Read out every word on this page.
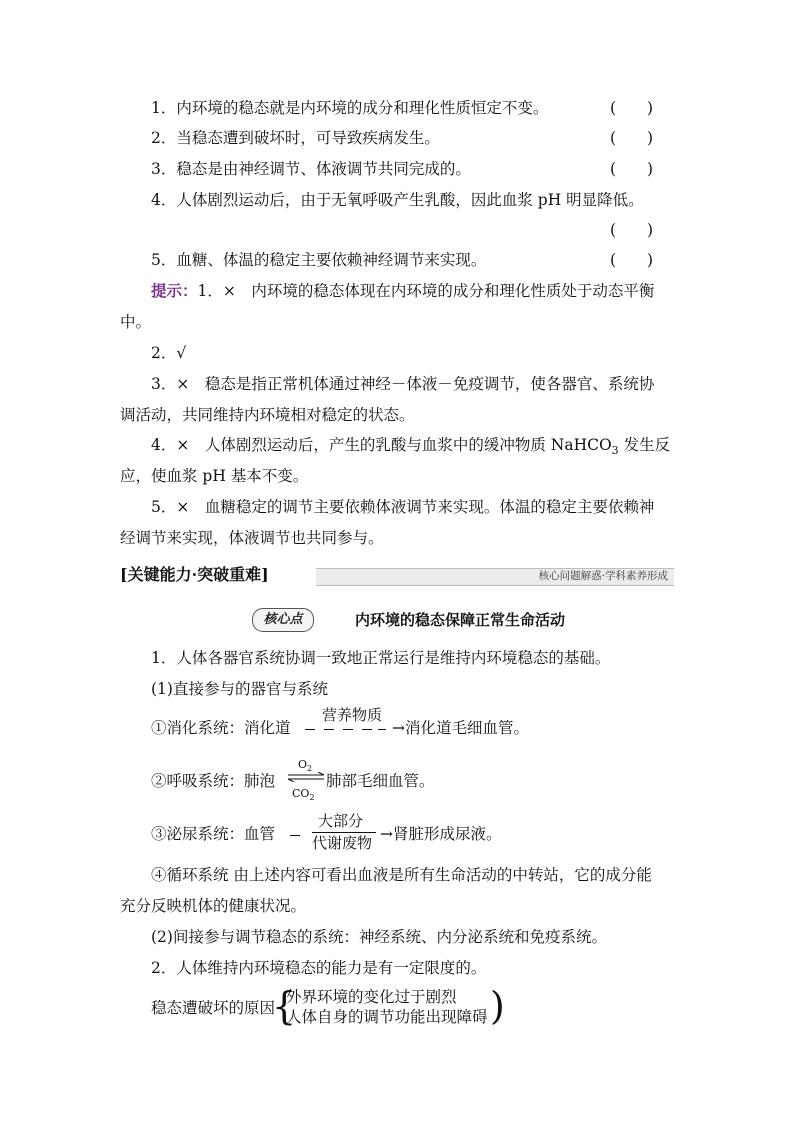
1．内环境的稳态就是内环境的成分和理化性质恒定不变。	(　　)
2．当稳态遭到破坏时，可导致疾病发生。	(　　)
3．稳态是由神经调节、体液调节共同完成的。	(　　)
4．人体剧烈运动后，由于无氧呼吸产生乳酸，因此血浆 pH 明显降低。
(　　)
5．血糖、体温的稳定主要依赖神经调节来实现。	(　　)
提示：1．×　内环境的稳态体现在内环境的成分和理化性质处于动态平衡
中。
2．√
3．×　稳态是指正常机体通过神经－体液－免疫调节，使各器官、系统协
调活动，共同维持内环境相对稳定的状态。
4．×　人体剧烈运动后，产生的乳酸与血浆中的缓冲物质 NaHCO$_3$ 发生反
应，使血浆 pH 基本不变。
5．×　血糖稳定的调节主要依赖体液调节来实现。体温的稳定主要依赖神
经调节来实现，体液调节也共同参与。
[关键能力·突破重难]	核心问题解惑·学科素养形成
核心点	内环境的稳态保障正常生命活动
1．人体各器官系统协调一致地正常运行是维持内环境稳态的基础。
(1)直接参与的器官与系统
①消化系统：消化道
营养物质
→消化道毛细血管。
②呼吸系统：肺泡
$O_2$
$CO_2$
肺部毛细血管。
③泌尿系统：血管
大部分
代谢废物 →肾脏形成尿液。
④循环系统 由上述内容可看出血液是所有生命活动的中转站，它的成分能
充分反映机体的健康状况。
(2)间接参与调节稳态的系统：神经系统、内分泌系统和免疫系统。
2．人体维持内环境稳态的能力是有一定限度的。
稳态遭破坏的原因
{
外界环境的变化过于剧烈
人体自身的调节功能出现障碍 )
